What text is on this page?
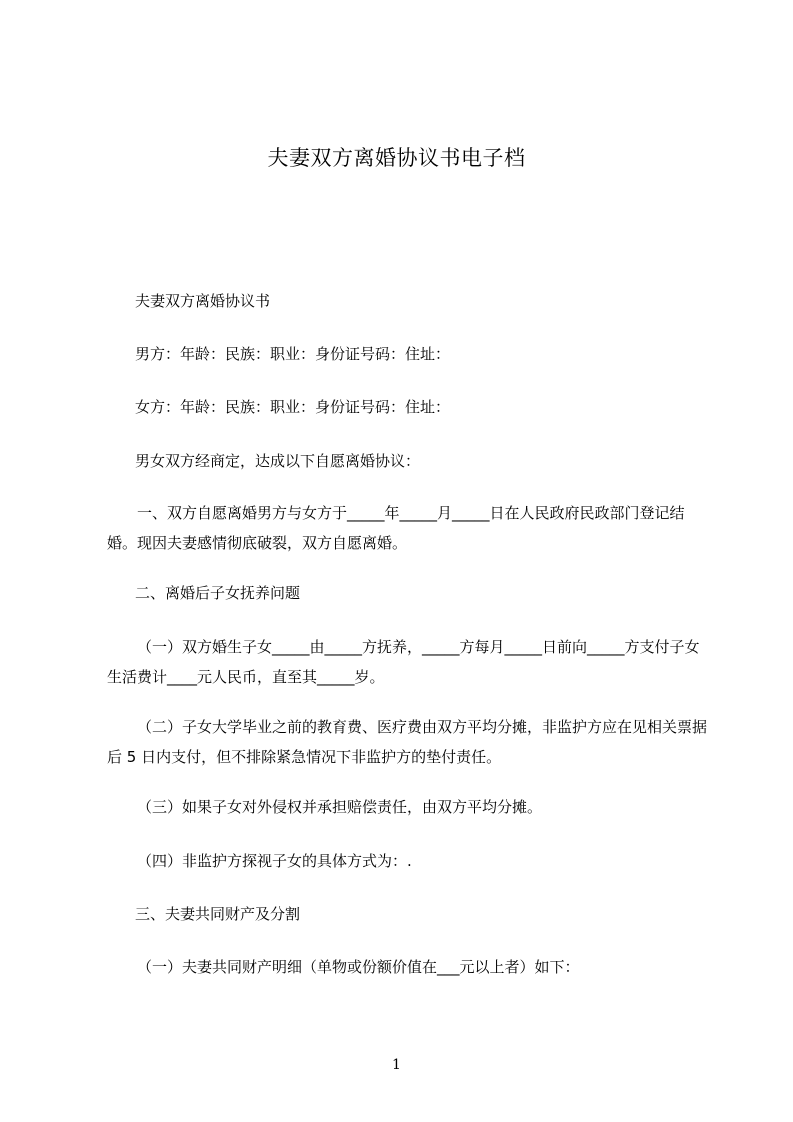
夫妻双方离婚协议书电子档
夫妻双方离婚协议书
男方：年龄：民族：职业：身份证号码：住址：
女方：年龄：民族：职业：身份证号码：住址：
男女双方经商定，达成以下自愿离婚协议：
一、双方自愿离婚男方与女方于_____年_____月_____日在人民政府民政部门登记结婚。现因夫妻感情彻底破裂，双方自愿离婚。
二、离婚后子女抚养问题
（一）双方婚生子女_____由_____方抚养，_____方每月_____日前向_____方支付子女生活费计____元人民币，直至其_____岁。
（二）子女大学毕业之前的教育费、医疗费由双方平均分摊，非监护方应在见相关票据后 5 日内支付，但不排除紧急情况下非监护方的垫付责任。
（三）如果子女对外侵权并承担赔偿责任，由双方平均分摊。
（四）非监护方探视子女的具体方式为：.
三、夫妻共同财产及分割
（一）夫妻共同财产明细（单物或份额价值在___元以上者）如下：
1
